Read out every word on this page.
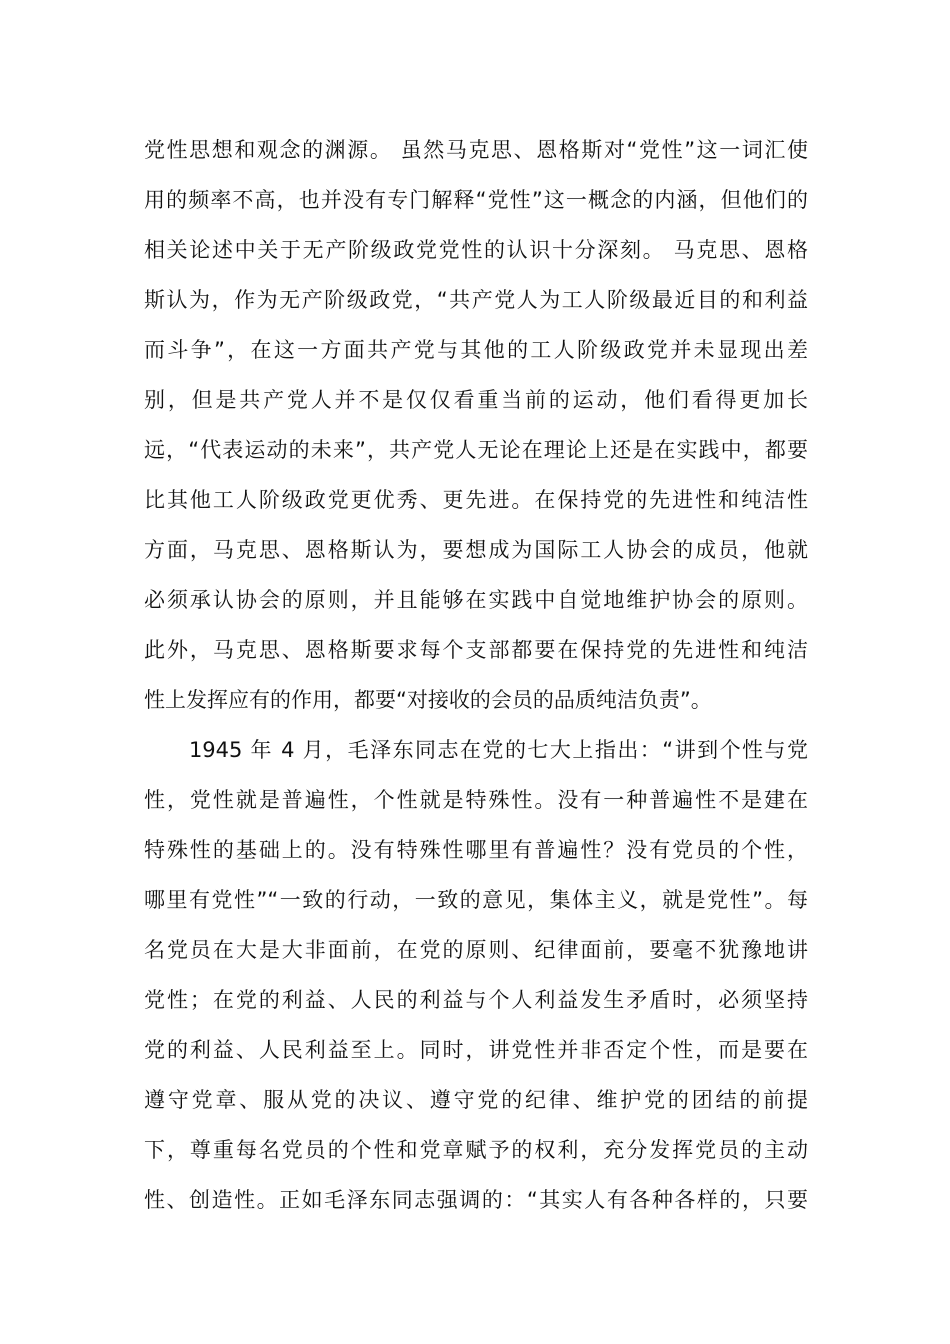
党性思想和观念的渊源。 虽然马克思、恩格斯对“党性”这一词汇使
用的频率不高，也并没有专门解释“党性”这一概念的内涵，但他们的
相关论述中关于无产阶级政党党性的认识十分深刻。 马克思、恩格
斯认为，作为无产阶级政党，“共产党人为工人阶级最近目的和利益
而斗争”，在这一方面共产党与其他的工人阶级政党并未显现出差
别，但是共产党人并不是仅仅看重当前的运动，他们看得更加长
远，“代表运动的未来”，共产党人无论在理论上还是在实践中，都要
比其他工人阶级政党更优秀、更先进。在保持党的先进性和纯洁性
方面，马克思、恩格斯认为，要想成为国际工人协会的成员，他就
必须承认协会的原则，并且能够在实践中自觉地维护协会的原则。
此外，马克思、恩格斯要求每个支部都要在保持党的先进性和纯洁
性上发挥应有的作用，都要“对接收的会员的品质纯洁负责”。
　　1945 年 4 月，毛泽东同志在党的七大上指出：“讲到个性与党
性，党性就是普遍性，个性就是特殊性。没有一种普遍性不是建在
特殊性的基础上的。没有特殊性哪里有普遍性？没有党员的个性，
哪里有党性”“一致的行动，一致的意见，集体主义，就是党性”。每
名党员在大是大非面前，在党的原则、纪律面前，要毫不犹豫地讲
党性；在党的利益、人民的利益与个人利益发生矛盾时，必须坚持
党的利益、人民利益至上。同时，讲党性并非否定个性，而是要在
遵守党章、服从党的决议、遵守党的纪律、维护党的团结的前提
下，尊重每名党员的个性和党章赋予的权利，充分发挥党员的主动
性、创造性。正如毛泽东同志强调的：“其实人有各种各样的，只要
